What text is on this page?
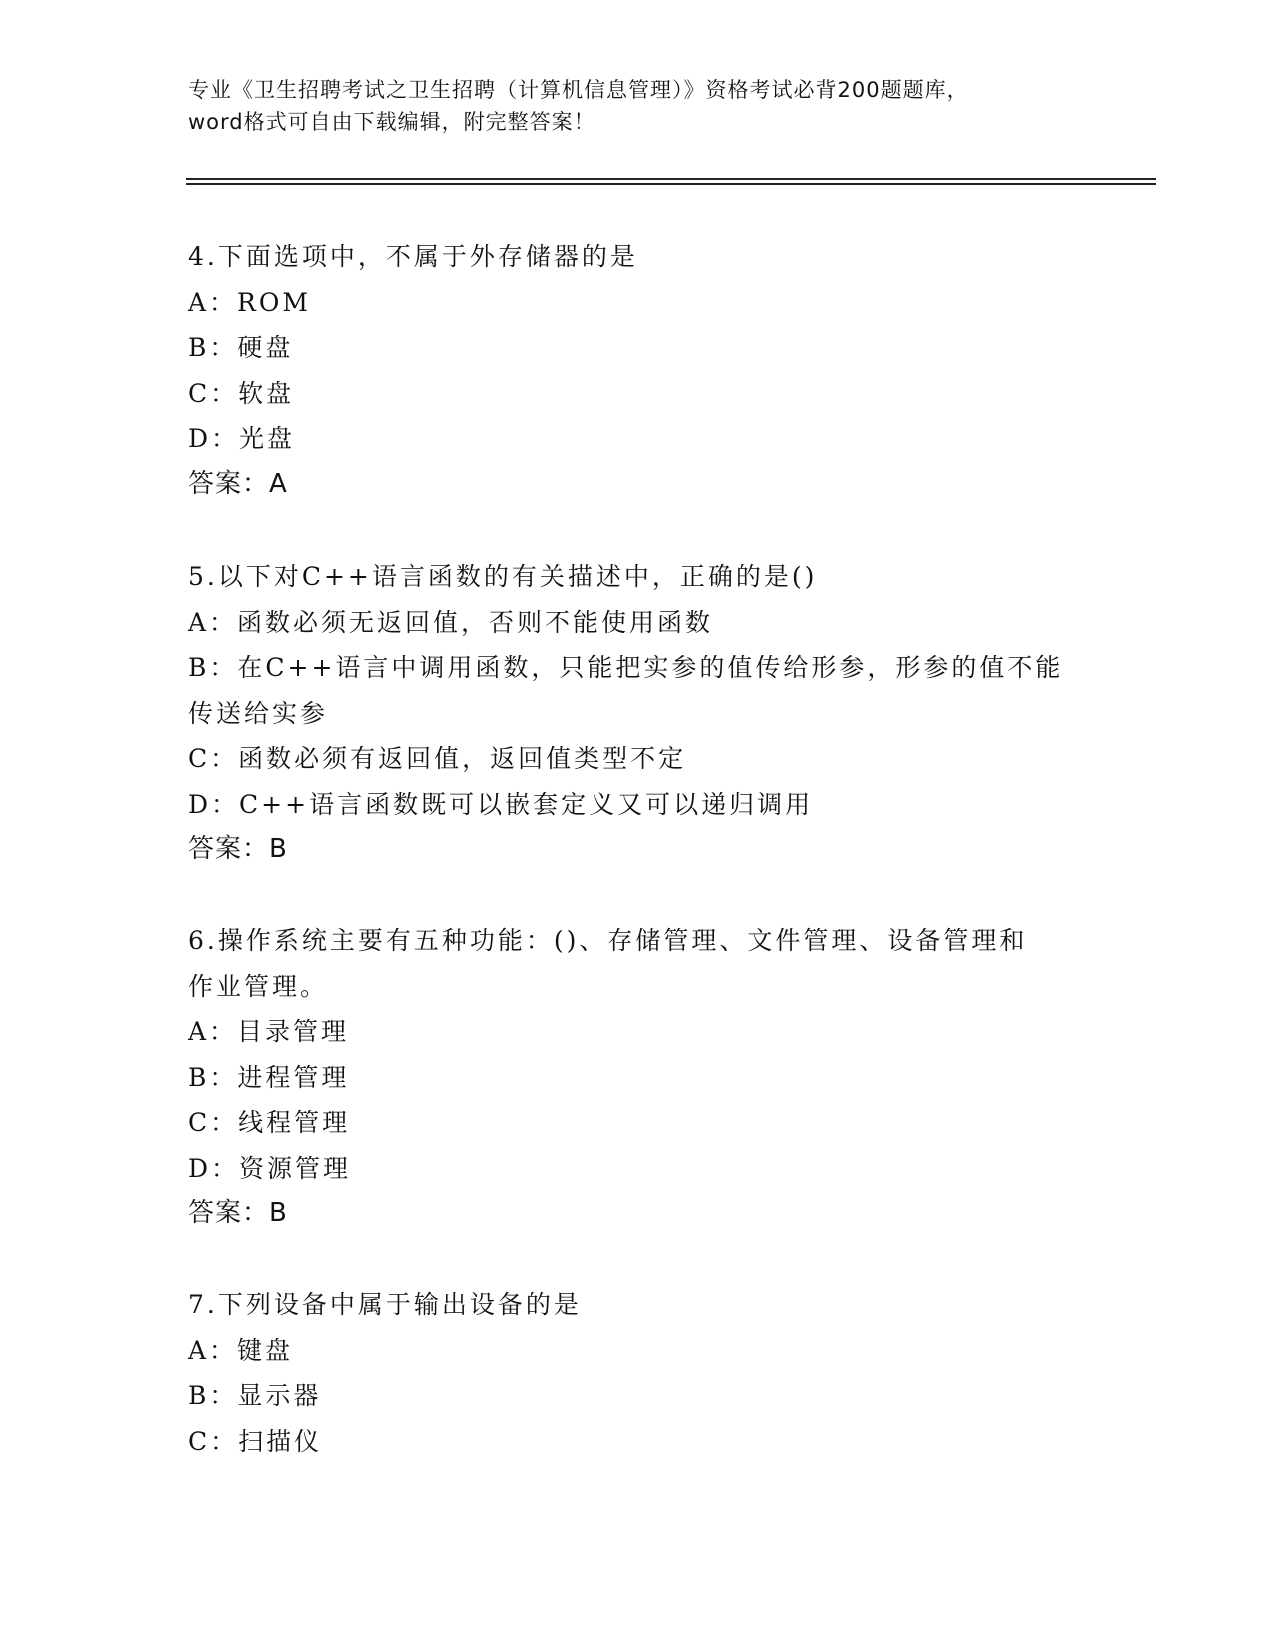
专业《卫生招聘考试之卫生招聘（计算机信息管理）》资格考试必背200题题库，
word格式可自由下载编辑，附完整答案！
4.下面选项中，不属于外存储器的是
A：ROM
B：硬盘
C：软盘
D：光盘
答案：A
5.以下对C++语言函数的有关描述中，正确的是()
A：函数必须无返回值，否则不能使用函数
B：在C++语言中调用函数，只能把实参的值传给形参，形参的值不能
传送给实参
C：函数必须有返回值，返回值类型不定
D：C++语言函数既可以嵌套定义又可以递归调用
答案：B
6.操作系统主要有五种功能：()、存储管理、文件管理、设备管理和
作业管理。
A：目录管理
B：进程管理
C：线程管理
D：资源管理
答案：B
7.下列设备中属于输出设备的是
A：键盘
B：显示器
C：扫描仪
